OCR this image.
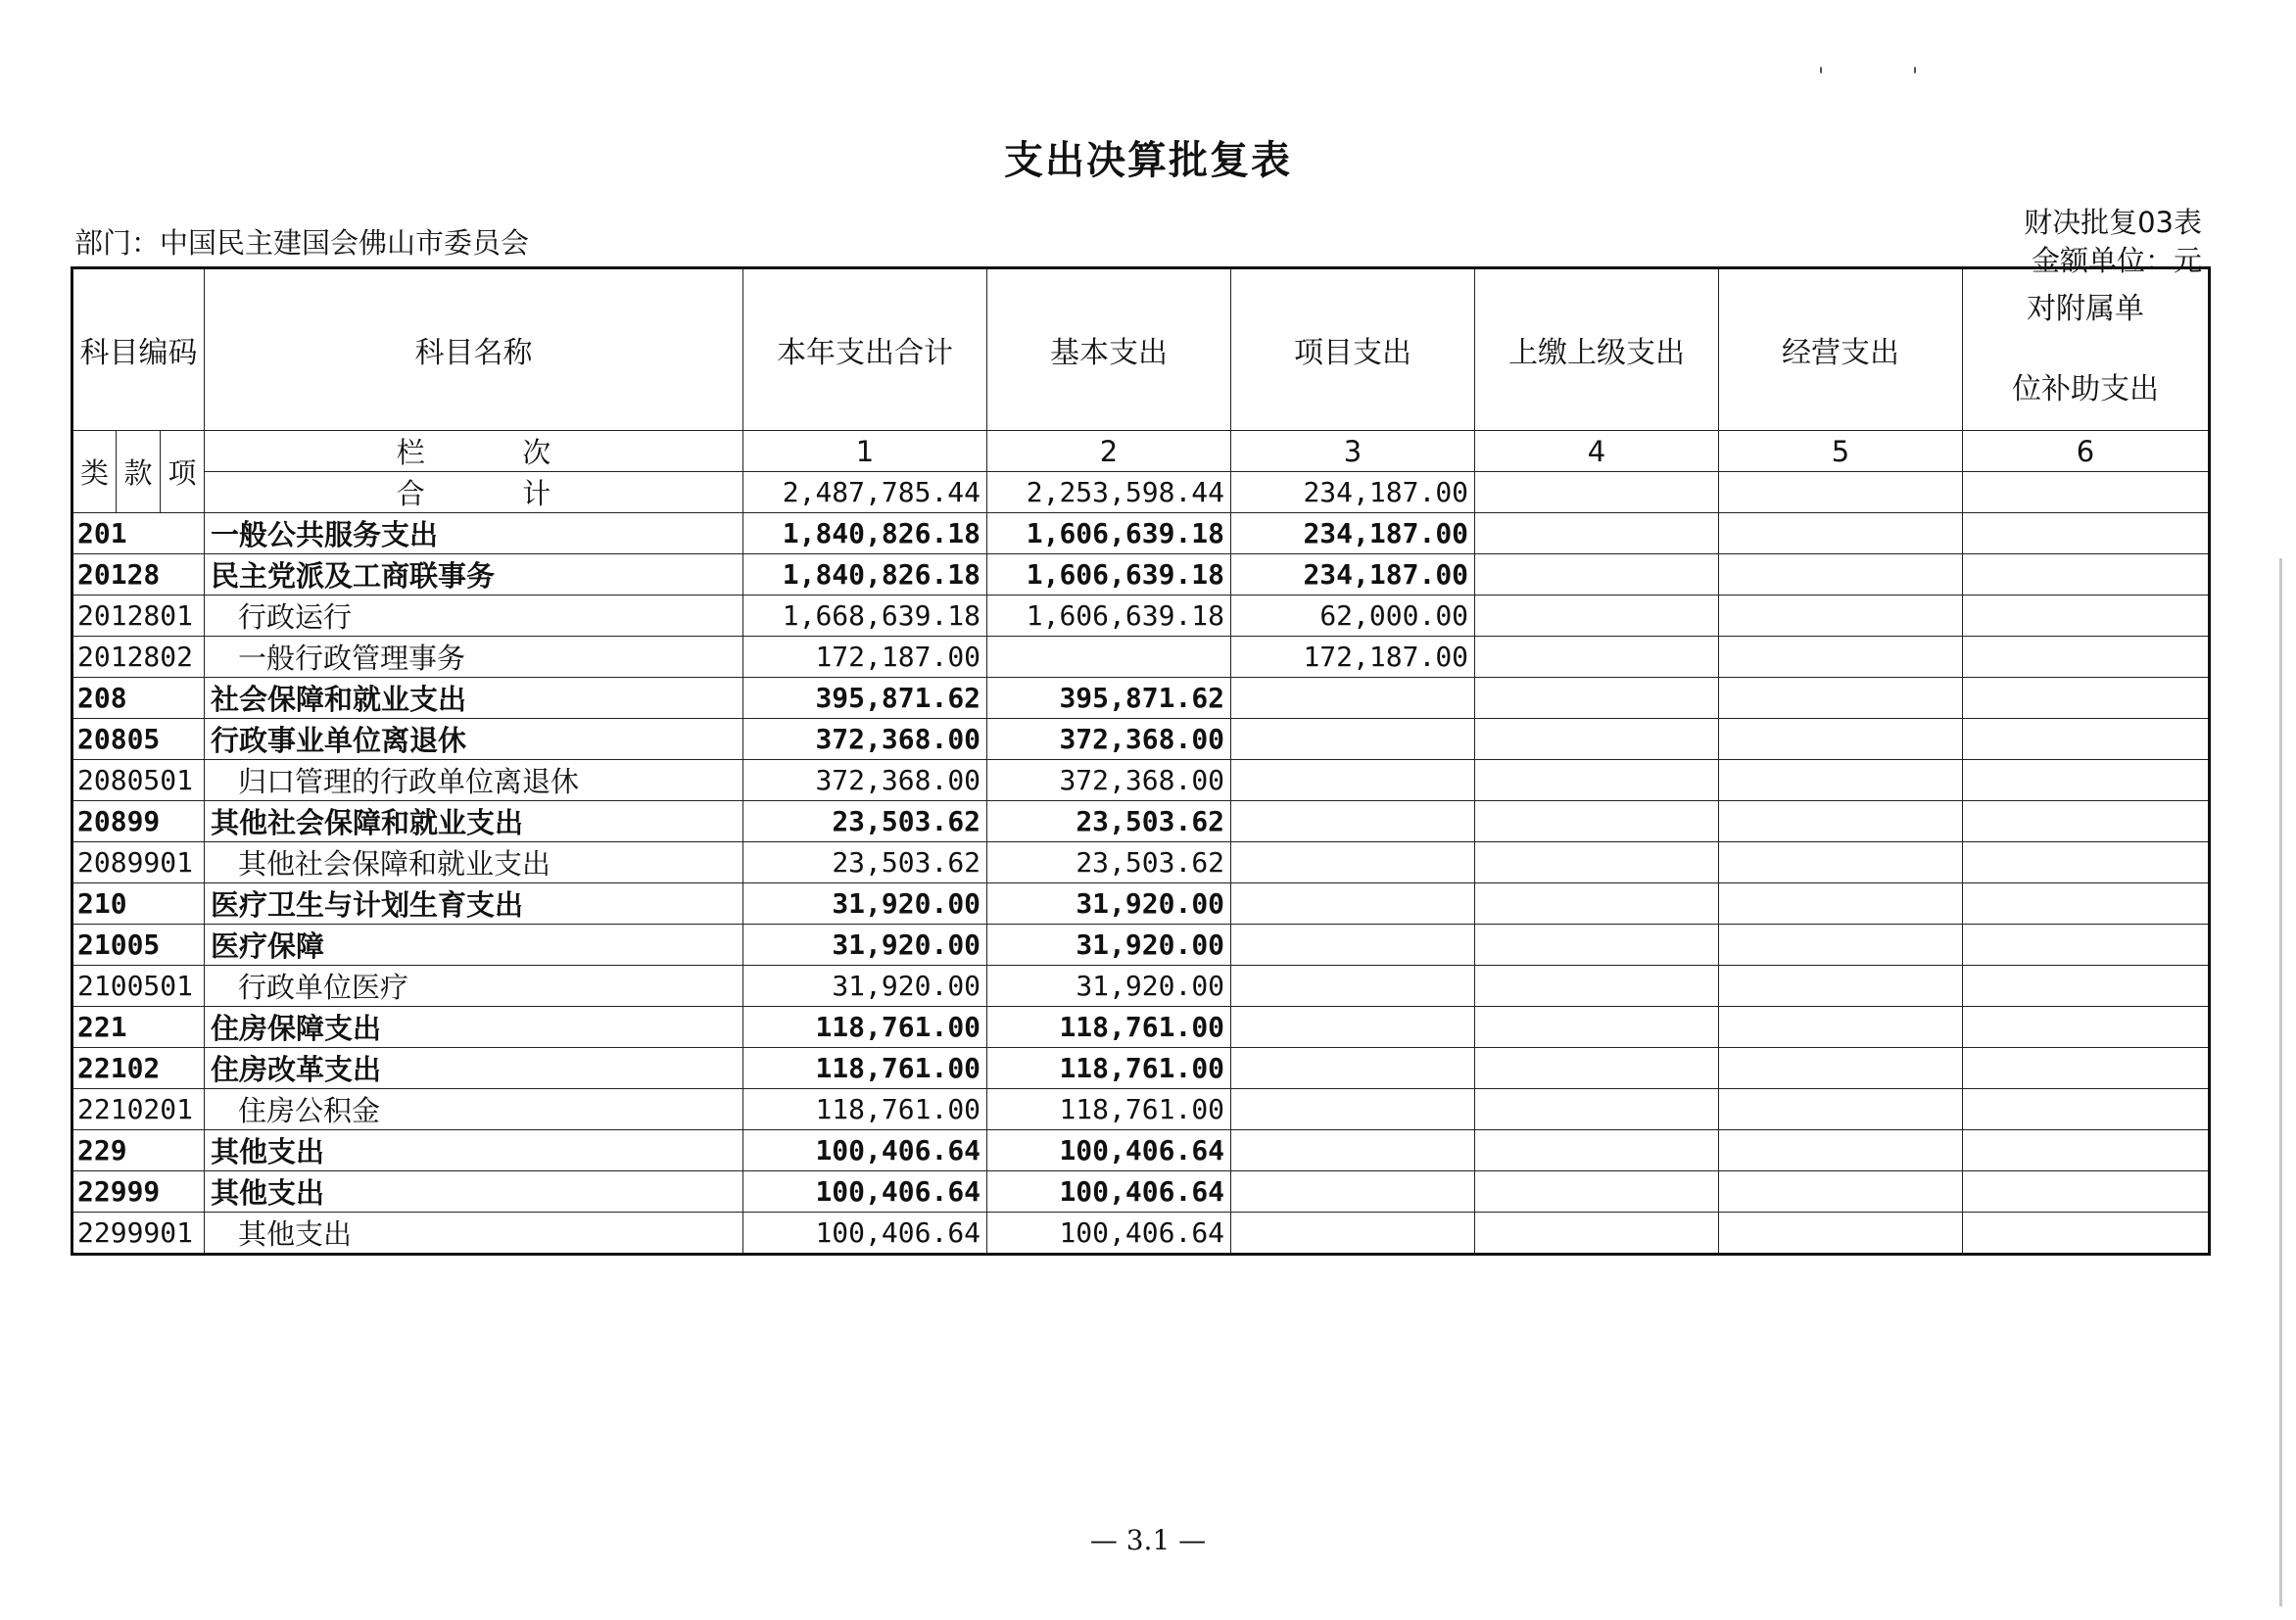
'	'
支出决算批复表
部门：中国民主建国会佛山市委员会
财决批复03表
金额单位：元
科目编码			科目名称	本年支出合计	基本支出	项目支出	上缴上级支出	经营支出	对附属单
位补助支出

类	款	项	栏 次	1	2	3	4	5	6

			合 计	2,487,785.44	2,253,598.44	234,187.00			
201			一般公共服务支出	1,840,826.18	1,606,639.18	234,187.00			
20128			民主党派及工商联事务	1,840,826.18	1,606,639.18	234,187.00			
2012801			行政运行	1,668,639.18	1,606,639.18	62,000.00			
2012802			一般行政管理事务	172,187.00		172,187.00			
208			社会保障和就业支出	395,871.62	395,871.62				
20805			行政事业单位离退休	372,368.00	372,368.00				
2080501			归口管理的行政单位离退休	372,368.00	372,368.00				
20899			其他社会保障和就业支出	23,503.62	23,503.62				
2089901			其他社会保障和就业支出	23,503.62	23,503.62				
210			医疗卫生与计划生育支出	31,920.00	31,920.00				
21005			医疗保障	31,920.00	31,920.00				
2100501			行政单位医疗	31,920.00	31,920.00				
221			住房保障支出	118,761.00	118,761.00				
22102			住房改革支出	118,761.00	118,761.00				
2210201			住房公积金	118,761.00	118,761.00				
229			其他支出	100,406.64	100,406.64				
22999			其他支出	100,406.64	100,406.64				
2299901			其他支出	100,406.64	100,406.64				
— 3.1 —
